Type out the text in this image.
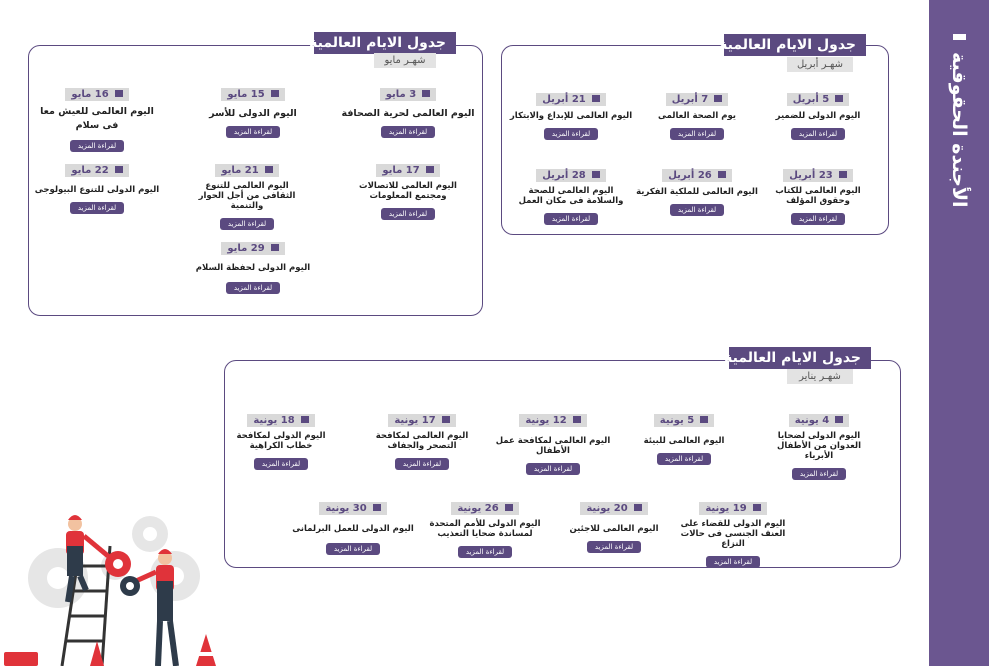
الأجندة الحقوقية
جدول الايام العالمية
شهـر أبريل
5 أبريل
اليوم الدولى للضمير
لقراءة المزيد
7 أبريل
يوم الصحة العالمى
لقراءة المزيد
21 أبريل
اليوم العالمى للإبداع والابتكار
لقراءة المزيد
23 أبريل
اليوم العالمى للكتاب وحقوق المؤلف
لقراءة المزيد
26 أبريل
اليوم العالمى للملكية الفكرية
لقراءة المزيد
28 أبريل
اليوم العالمى للصحة والسلامة فى مكان العمل
لقراءة المزيد
جدول الايام العالمية
شهـر مايو
3 مايو
اليوم العالمى لحرية الصحافة
لقراءة المزيد
15 مايو
اليوم الدولى للأسر
لقراءة المزيد
16 مايو
اليوم العالمى للعيش معا فى سلام
لقراءة المزيد
17 مايو
اليوم العالمى للاتصالات ومجتمع المعلومات
لقراءة المزيد
21 مايو
اليوم العالمى للتنوع الثقافى من أجل الحوار والتنمية
لقراءة المزيد
22 مايو
اليوم الدولى للتنوع البيولوجى
لقراءة المزيد
29 مايو
اليوم الدولى لحفظة السلام
لقراءة المزيد
جدول الايام العالمية
شهـر يناير
4 يونية
اليوم الدولى لضحايا العدوان من الأطفال الأبرياء
لقراءة المزيد
5 يونية
اليوم العالمى للبيئة
لقراءة المزيد
12 يونية
اليوم العالمى لمكافحة عمل الأطفال
لقراءة المزيد
17 يونية
اليوم العالمى لمكافحة التصحر والجفاف
لقراءة المزيد
18 يونية
اليوم الدولى لمكافحة خطاب الكراهية
لقراءة المزيد
19 يونية
اليوم الدولى للقضاء على العنف الجنسى فى حالات النزاع
لقراءة المزيد
20 يونية
اليوم العالمى للاجئين
لقراءة المزيد
26 يونية
اليوم الدولى للأمم المتحدة لمساندة ضحايا التعذيب
لقراءة المزيد
30 يونية
اليوم الدولى للعمل البرلمانى
لقراءة المزيد
